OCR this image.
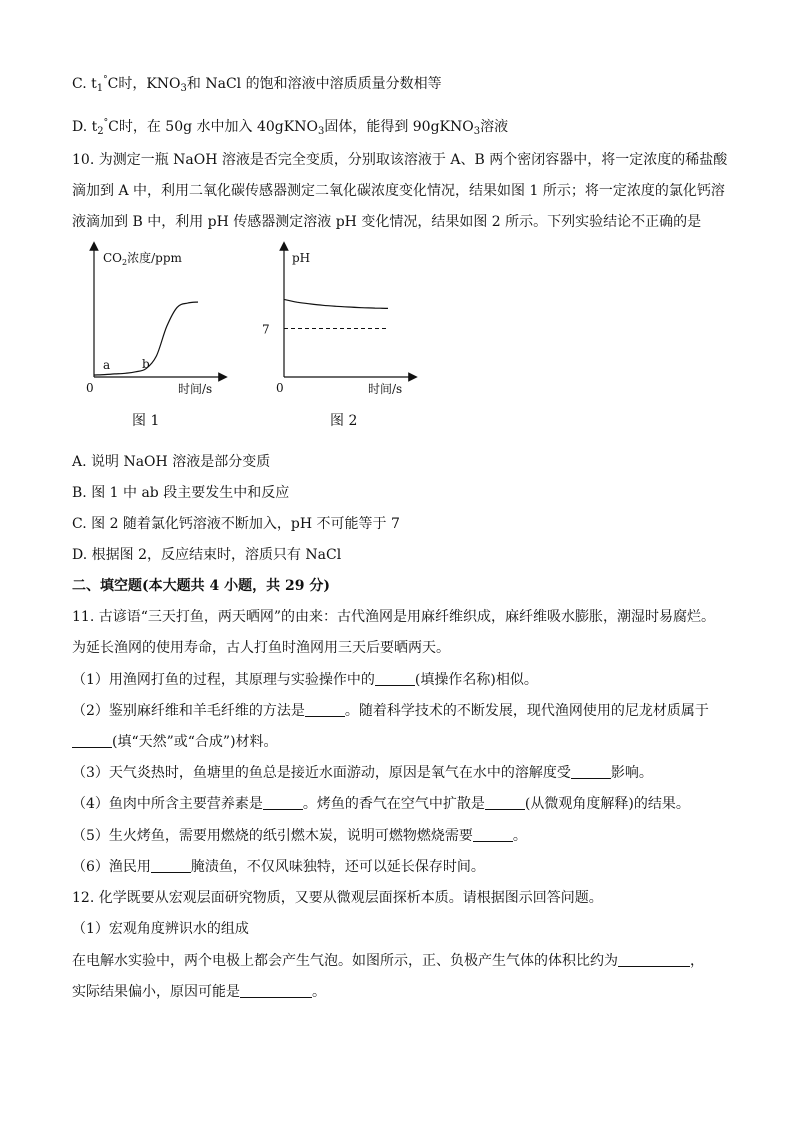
C. $t_1^\circ C$时，$KNO_3$和 NaCl 的饱和溶液中溶质质量分数相等
D. $t_2^\circ C$时，在 50g 水中加入 40gKNO$_3$固体，能得到 90gKNO$_3$溶液
10. 为测定一瓶 NaOH 溶液是否完全变质，分别取该溶液于 A、B 两个密闭容器中，将一定浓度的稀盐酸
滴加到 A 中，利用二氧化碳传感器测定二氧化碳浓度变化情况，结果如图 1 所示；将一定浓度的氯化钙溶
液滴加到 B 中，利用 pH 传感器测定溶液 pH 变化情况，结果如图 2 所示。下列实验结论不正确的是
$CO_2$浓度/ppm
0	时间/s
a	b
图 1
pH
0	时间/s
7
图 2
A. 说明 NaOH 溶液是部分变质
B. 图 1 中 ab 段主要发生中和反应
C. 图 2 随着氯化钙溶液不断加入，pH 不可能等于 7
D. 根据图 2，反应结束时，溶质只有 NaCl
二、填空题(本大题共 4 小题，共 29 分)
11. 古谚语“三天打鱼，两天晒网”的由来：古代渔网是用麻纤维织成，麻纤维吸水膨胀，潮湿时易腐烂。
为延长渔网的使用寿命，古人打鱼时渔网用三天后要晒两天。
（1）用渔网打鱼的过程，其原理与实验操作中的	(填操作名称)相似。
（2）鉴别麻纤维和羊毛纤维的方法是	。随着科学技术的不断发展，现代渔网使用的尼龙材质属于
(填“天然”或“合成”)材料。
（3）天气炎热时，鱼塘里的鱼总是接近水面游动，原因是氧气在水中的溶解度受	影响。
（4）鱼肉中所含主要营养素是	。烤鱼的香气在空气中扩散是	(从微观角度解释)的结果。
（5）生火烤鱼，需要用燃烧的纸引燃木炭，说明可燃物燃烧需要	。
（6）渔民用	腌渍鱼，不仅风味独特，还可以延长保存时间。
12. 化学既要从宏观层面研究物质，又要从微观层面探析本质。请根据图示回答问题。
（1）宏观角度辨识水的组成
在电解水实验中，两个电极上都会产生气泡。如图所示，正、负极产生气体的体积比约为	，
实际结果偏小，原因可能是	。
